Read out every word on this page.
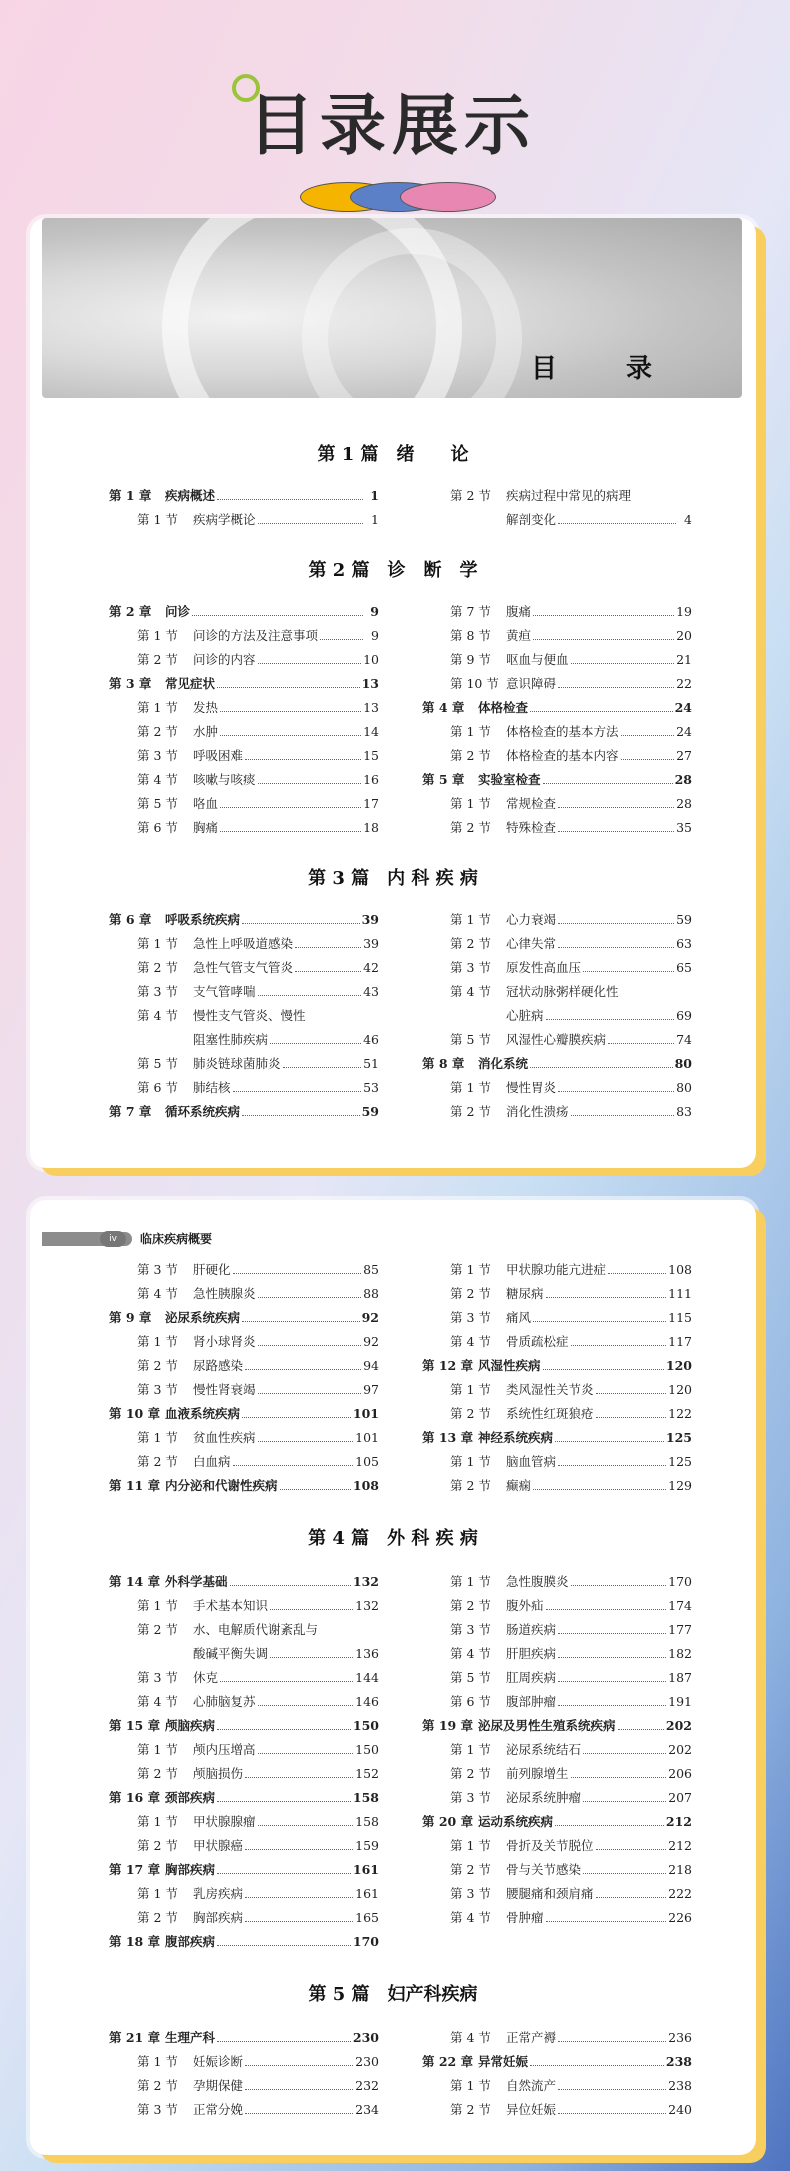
目录展示
目 录
第 1 篇　绪　　论
第 1 章	疾病概述	1
第 1 节	疾病学概论	1
第 2 节	疾病过程中常见的病理
解剖变化	4
第 2 篇　诊　断　学
第 2 章	问诊	9
第 1 节	问诊的方法及注意事项	9
第 2 节	问诊的内容	10
第 3 章	常见症状	13
第 1 节	发热	13
第 2 节	水肿	14
第 3 节	呼吸困难	15
第 4 节	咳嗽与咳痰	16
第 5 节	咯血	17
第 6 节	胸痛	18
第 7 节	腹痛	19
第 8 节	黄疸	20
第 9 节	呕血与便血	21
第 10 节 意识障碍	22
第 4 章	体格检查	24
第 1 节	体格检查的基本方法	24
第 2 节	体格检查的基本内容	27
第 5 章	实验室检查	28
第 1 节	常规检查	28
第 2 节	特殊检查	35
第 3 篇　内 科 疾 病
第 6 章	呼吸系统疾病	39
第 1 节	急性上呼吸道感染	39
第 2 节	急性气管支气管炎	42
第 3 节	支气管哮喘	43
第 4 节	慢性支气管炎、慢性
阻塞性肺疾病	46
第 5 节	肺炎链球菌肺炎	51
第 6 节	肺结核	53
第 7 章	循环系统疾病	59
第 1 节	心力衰竭	59
第 2 节	心律失常	63
第 3 节	原发性高血压	65
第 4 节	冠状动脉粥样硬化性
心脏病	69
第 5 节	风湿性心瓣膜疾病	74
第 8 章	消化系统	80
第 1 节	慢性胃炎	80
第 2 节	消化性溃疡	83
iv	临床疾病概要
第 3 节	肝硬化	85
第 4 节	急性胰腺炎	88
第 9 章	泌尿系统疾病	92
第 1 节	肾小球肾炎	92
第 2 节	尿路感染	94
第 3 节	慢性肾衰竭	97
第 10 章 血液系统疾病	101
第 1 节	贫血性疾病	101
第 2 节	白血病	105
第 11 章 内分泌和代谢性疾病	108
第 1 节	甲状腺功能亢进症	108
第 2 节	糖尿病	111
第 3 节	痛风	115
第 4 节	骨质疏松症	117
第 12 章 风湿性疾病	120
第 1 节	类风湿性关节炎	120
第 2 节	系统性红斑狼疮	122
第 13 章 神经系统疾病	125
第 1 节	脑血管病	125
第 2 节	癫痫	129
第 4 篇　外 科 疾 病
第 14 章 外科学基础	132
第 1 节	手术基本知识	132
第 2 节	水、电解质代谢紊乱与
酸碱平衡失调	136
第 3 节	休克	144
第 4 节	心肺脑复苏	146
第 15 章 颅脑疾病	150
第 1 节	颅内压增高	150
第 2 节	颅脑损伤	152
第 16 章 颈部疾病	158
第 1 节	甲状腺腺瘤	158
第 2 节	甲状腺癌	159
第 17 章 胸部疾病	161
第 1 节	乳房疾病	161
第 2 节	胸部疾病	165
第 18 章 腹部疾病	170
第 1 节	急性腹膜炎	170
第 2 节	腹外疝	174
第 3 节	肠道疾病	177
第 4 节	肝胆疾病	182
第 5 节	肛周疾病	187
第 6 节	腹部肿瘤	191
第 19 章 泌尿及男性生殖系统疾病	202
第 1 节	泌尿系统结石	202
第 2 节	前列腺增生	206
第 3 节	泌尿系统肿瘤	207
第 20 章 运动系统疾病	212
第 1 节	骨折及关节脱位	212
第 2 节	骨与关节感染	218
第 3 节	腰腿痛和颈肩痛	222
第 4 节	骨肿瘤	226
第 5 篇　妇产科疾病
第 21 章 生理产科	230
第 1 节	妊娠诊断	230
第 2 节	孕期保健	232
第 3 节	正常分娩	234
第 4 节	正常产褥	236
第 22 章 异常妊娠	238
第 1 节	自然流产	238
第 2 节	异位妊娠	240
